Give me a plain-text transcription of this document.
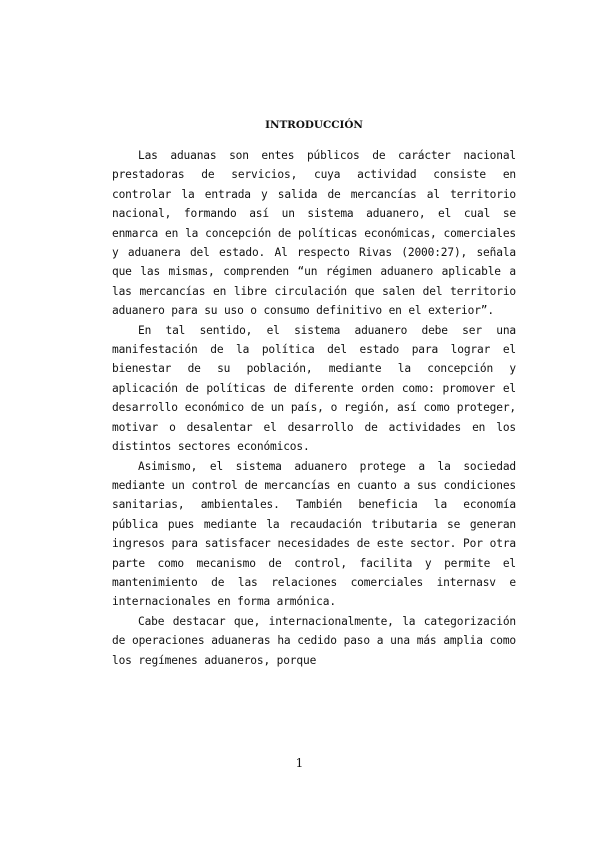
INTRODUCCIÓN

Las aduanas son entes públicos de carácter nacional prestadoras de servicios, cuya actividad consiste en controlar la entrada y salida de mercancías al territorio nacional, formando así un sistema aduanero, el cual se enmarca en la concepción de políticas económicas, comerciales y aduanera del estado. Al respecto Rivas (2000:27), señala que las mismas, comprenden “un régimen aduanero aplicable a las mercancías en libre circulación que salen del territorio aduanero para su uso o consumo definitivo en el exterior”.

En tal sentido, el sistema aduanero debe ser una manifestación de la política del estado para lograr el bienestar de su población, mediante la concepción y aplicación de políticas de diferente orden como: promover el desarrollo económico de un país, o región, así como proteger, motivar o desalentar el desarrollo de actividades en los distintos sectores económicos.

Asimismo, el sistema aduanero protege a la sociedad mediante un control de mercancías en cuanto a sus condiciones sanitarias, ambientales. También beneficia la economía pública pues mediante la recaudación tributaria se generan ingresos para satisfacer necesidades de este sector. Por otra parte como mecanismo de control, facilita y permite el mantenimiento de las relaciones comerciales internasv e internacionales en forma armónica.

Cabe destacar que, internacionalmente, la categorización de operaciones aduaneras ha cedido paso a una más amplia como los regímenes aduaneros, porque

1
